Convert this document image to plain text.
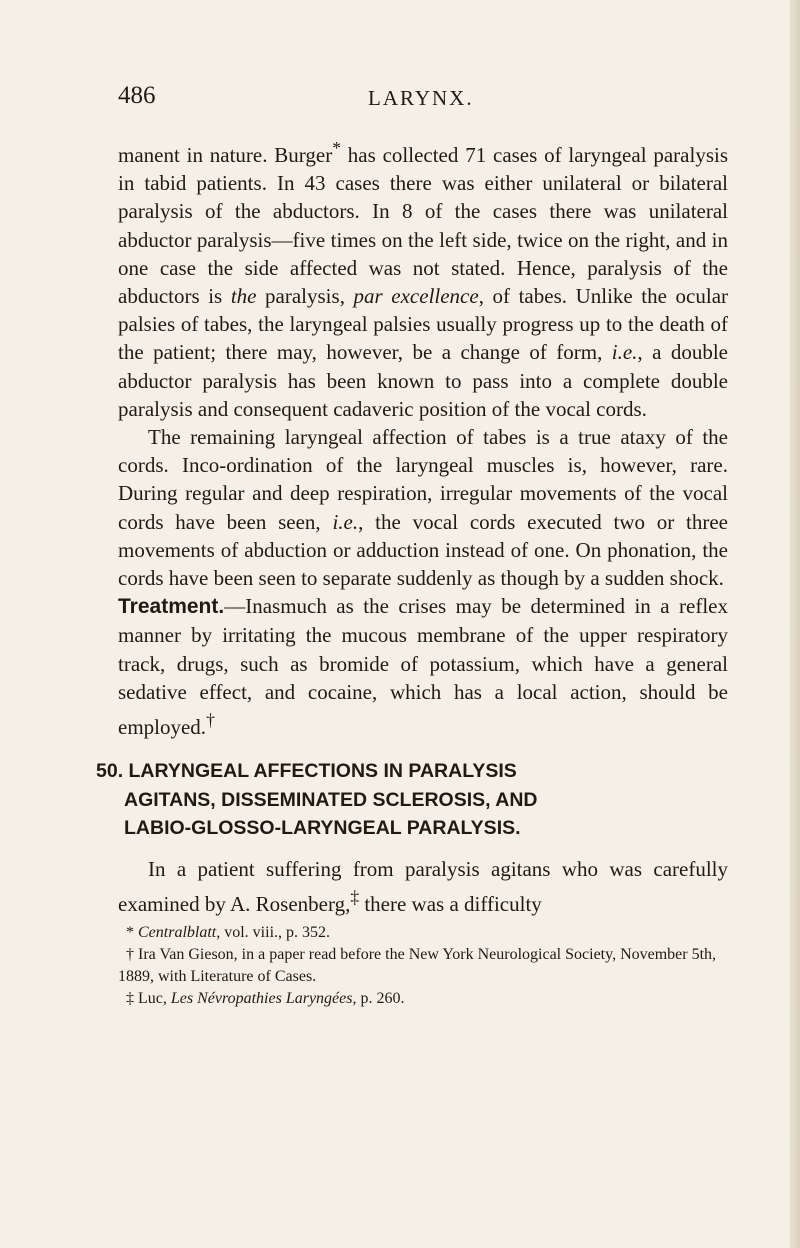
486	LARYNX.

manent in nature. Burger* has collected 71 cases of laryngeal paralysis in tabid patients. In 43 cases there was either unilateral or bilateral paralysis of the abductors. In 8 of the cases there was unilateral abductor paralysis—five times on the left side, twice on the right, and in one case the side affected was not stated. Hence, paralysis of the abductors is the paralysis, par excellence, of tabes. Unlike the ocular palsies of tabes, the laryngeal palsies usually progress up to the death of the patient; there may, however, be a change of form, i.e., a double abductor paralysis has been known to pass into a complete double paralysis and consequent cadaveric position of the vocal cords.

The remaining laryngeal affection of tabes is a true ataxy of the cords. Inco-ordination of the laryngeal muscles is, however, rare. During regular and deep respiration, irregular movements of the vocal cords have been seen, i.e., the vocal cords executed two or three movements of abduction or adduction instead of one. On phonation, the cords have been seen to separate suddenly as though by a sudden shock.

Treatment.—Inasmuch as the crises may be determined in a reflex manner by irritating the mucous membrane of the upper respiratory track, drugs, such as bromide of potassium, which have a general sedative effect, and cocaine, which has a local action, should be employed.†

50. LARYNGEAL AFFECTIONS IN PARALYSIS
AGITANS, DISSEMINATED SCLEROSIS, AND
LABIO-GLOSSO-LARYNGEAL PARALYSIS.

In a patient suffering from paralysis agitans who was carefully examined by A. Rosenberg,‡ there was a difficulty

* Centralblatt, vol. viii., p. 352.

† Ira Van Gieson, in a paper read before the New York Neurological Society, November 5th, 1889, with Literature of Cases.

‡ Luc, Les Névropathies Laryngées, p. 260.
